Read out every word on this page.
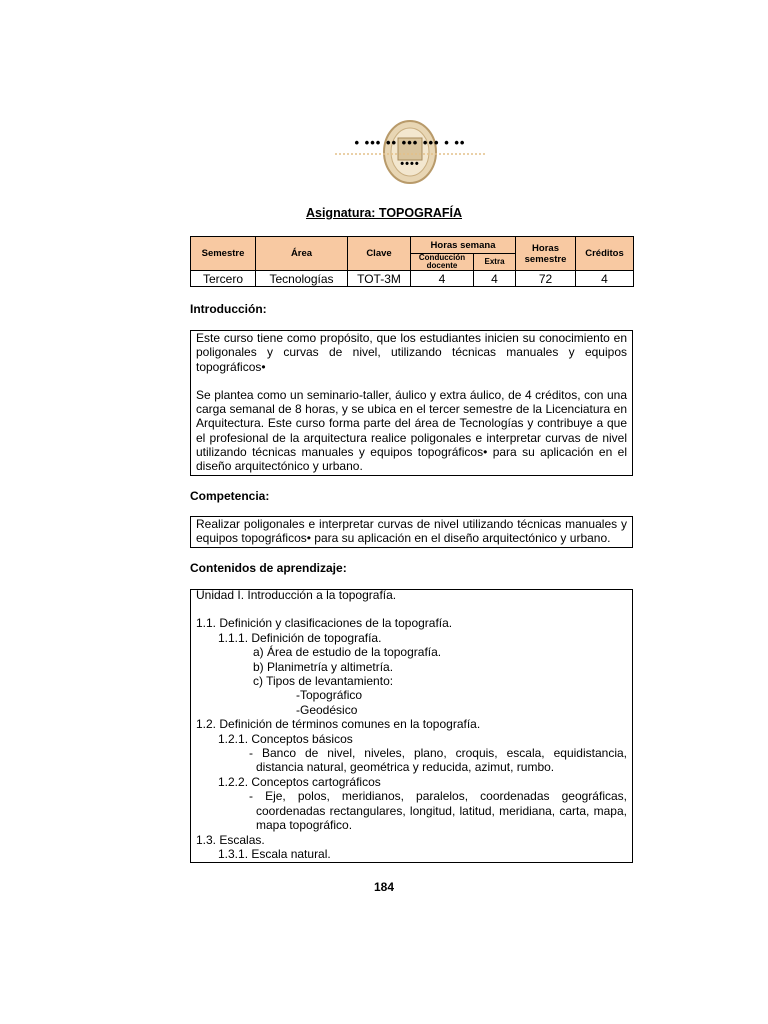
• ••• •• ••• ••• • ••
••••
Asignatura: TOPOGRAFÍA
Semestre	Área	Clave	Horas semana		Horas semestre	Créditos
			Conducción docente	Extra		
Tercero	Tecnologías	TOT-3M	4	4	72	4
Introducción:

Este curso tiene como propósito, que los estudiantes inicien su conocimiento en poligonales y curvas de nivel, utilizando técnicas manuales y equipos topográficos•

Se plantea como un seminario-taller, áulico y extra áulico, de 4 créditos, con una carga semanal de 8 horas, y se ubica en el tercer semestre de la Licenciatura en Arquitectura. Este curso forma parte del área de Tecnologías y contribuye a que el profesional de la arquitectura realice poligonales e interpretar curvas de nivel utilizando técnicas manuales y equipos topográficos• para su aplicación en el diseño arquitectónico y urbano.

Competencia:

Realizar poligonales e interpretar curvas de nivel utilizando técnicas manuales y equipos topográficos• para su aplicación en el diseño arquitectónico y urbano.

Contenidos de aprendizaje:
Unidad I. Introducción a la topografía.
1.1. Definición y clasificaciones de la topografía.
1.1.1. Definición de topografía.
a) Área de estudio de la topografía.
b) Planimetría y altimetría.
c) Tipos de levantamiento:
-Topográfico
-Geodésico
1.2. Definición de términos comunes en la topografía.
1.2.1. Conceptos básicos
- Banco de nivel, niveles, plano, croquis, escala, equidistancia, distancia natural, geométrica y reducida, azimut, rumbo.
1.2.2. Conceptos cartográficos
- Eje, polos, meridianos, paralelos, coordenadas geográficas, coordenadas rectangulares, longitud, latitud, meridiana, carta, mapa, mapa topográfico.
1.3. Escalas.
1.3.1. Escala natural.
184
